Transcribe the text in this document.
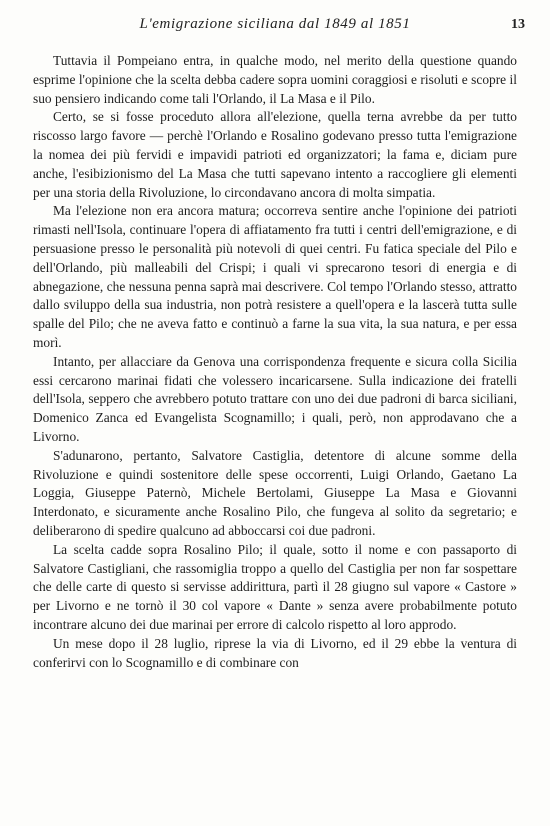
L'emigrazione siciliana dal 1849 al 1851	13

Tuttavia il Pompeiano entra, in qualche modo, nel merito della questione quando esprime l'opinione che la scelta debba cadere sopra uomini coraggiosi e risoluti e scopre il suo pensiero indicando come tali l'Orlando, il La Masa e il Pilo.

Certo, se si fosse proceduto allora all'elezione, quella terna avrebbe da per tutto riscosso largo favore — perchè l'Orlando e Rosalino godevano presso tutta l'emigrazione la nomea dei più fervidi e impavidi patrioti ed organizzatori; la fama e, diciam pure anche, l'esibizionismo del La Masa che tutti sapevano intento a raccogliere gli elementi per una storia della Rivoluzione, lo circondavano ancora di molta simpatia.

Ma l'elezione non era ancora matura; occorreva sentire anche l'opinione dei patrioti rimasti nell'Isola, continuare l'opera di affiatamento fra tutti i centri dell'emigrazione, e di persuasione presso le personalità più notevoli di quei centri. Fu fatica speciale del Pilo e dell'Orlando, più malleabili del Crispi; i quali vi sprecarono tesori di energia e di abnegazione, che nessuna penna saprà mai descrivere. Col tempo l'Orlando stesso, attratto dallo sviluppo della sua industria, non potrà resistere a quell'opera e la lascerà tutta sulle spalle del Pilo; che ne aveva fatto e continuò a farne la sua vita, la sua natura, e per essa morì.

Intanto, per allacciare da Genova una corrispondenza frequente e sicura colla Sicilia essi cercarono marinai fidati che volessero incaricarsene. Sulla indicazione dei fratelli dell'Isola, seppero che avrebbero potuto trattare con uno dei due padroni di barca siciliani, Domenico Zanca ed Evangelista Scognamillo; i quali, però, non approdavano che a Livorno.

S'adunarono, pertanto, Salvatore Castiglia, detentore di alcune somme della Rivoluzione e quindi sostenitore delle spese occorrenti, Luigi Orlando, Gaetano La Loggia, Giuseppe Paternò, Michele Bertolami, Giuseppe La Masa e Giovanni Interdonato, e sicuramente anche Rosalino Pilo, che fungeva al solito da segretario; e deliberarono di spedire qualcuno ad abboccarsi coi due padroni.

La scelta cadde sopra Rosalino Pilo; il quale, sotto il nome e con passaporto di Salvatore Castigliani, che rassomiglia troppo a quello del Castiglia per non far sospettare che delle carte di questo si servisse addirittura, partì il 28 giugno sul vapore « Castore » per Livorno e ne tornò il 30 col vapore « Dante » senza avere probabilmente potuto incontrare alcuno dei due marinai per errore di calcolo rispetto al loro approdo.

Un mese dopo il 28 luglio, riprese la via di Livorno, ed il 29 ebbe la ventura di conferirvi con lo Scognamillo e di combinare con
